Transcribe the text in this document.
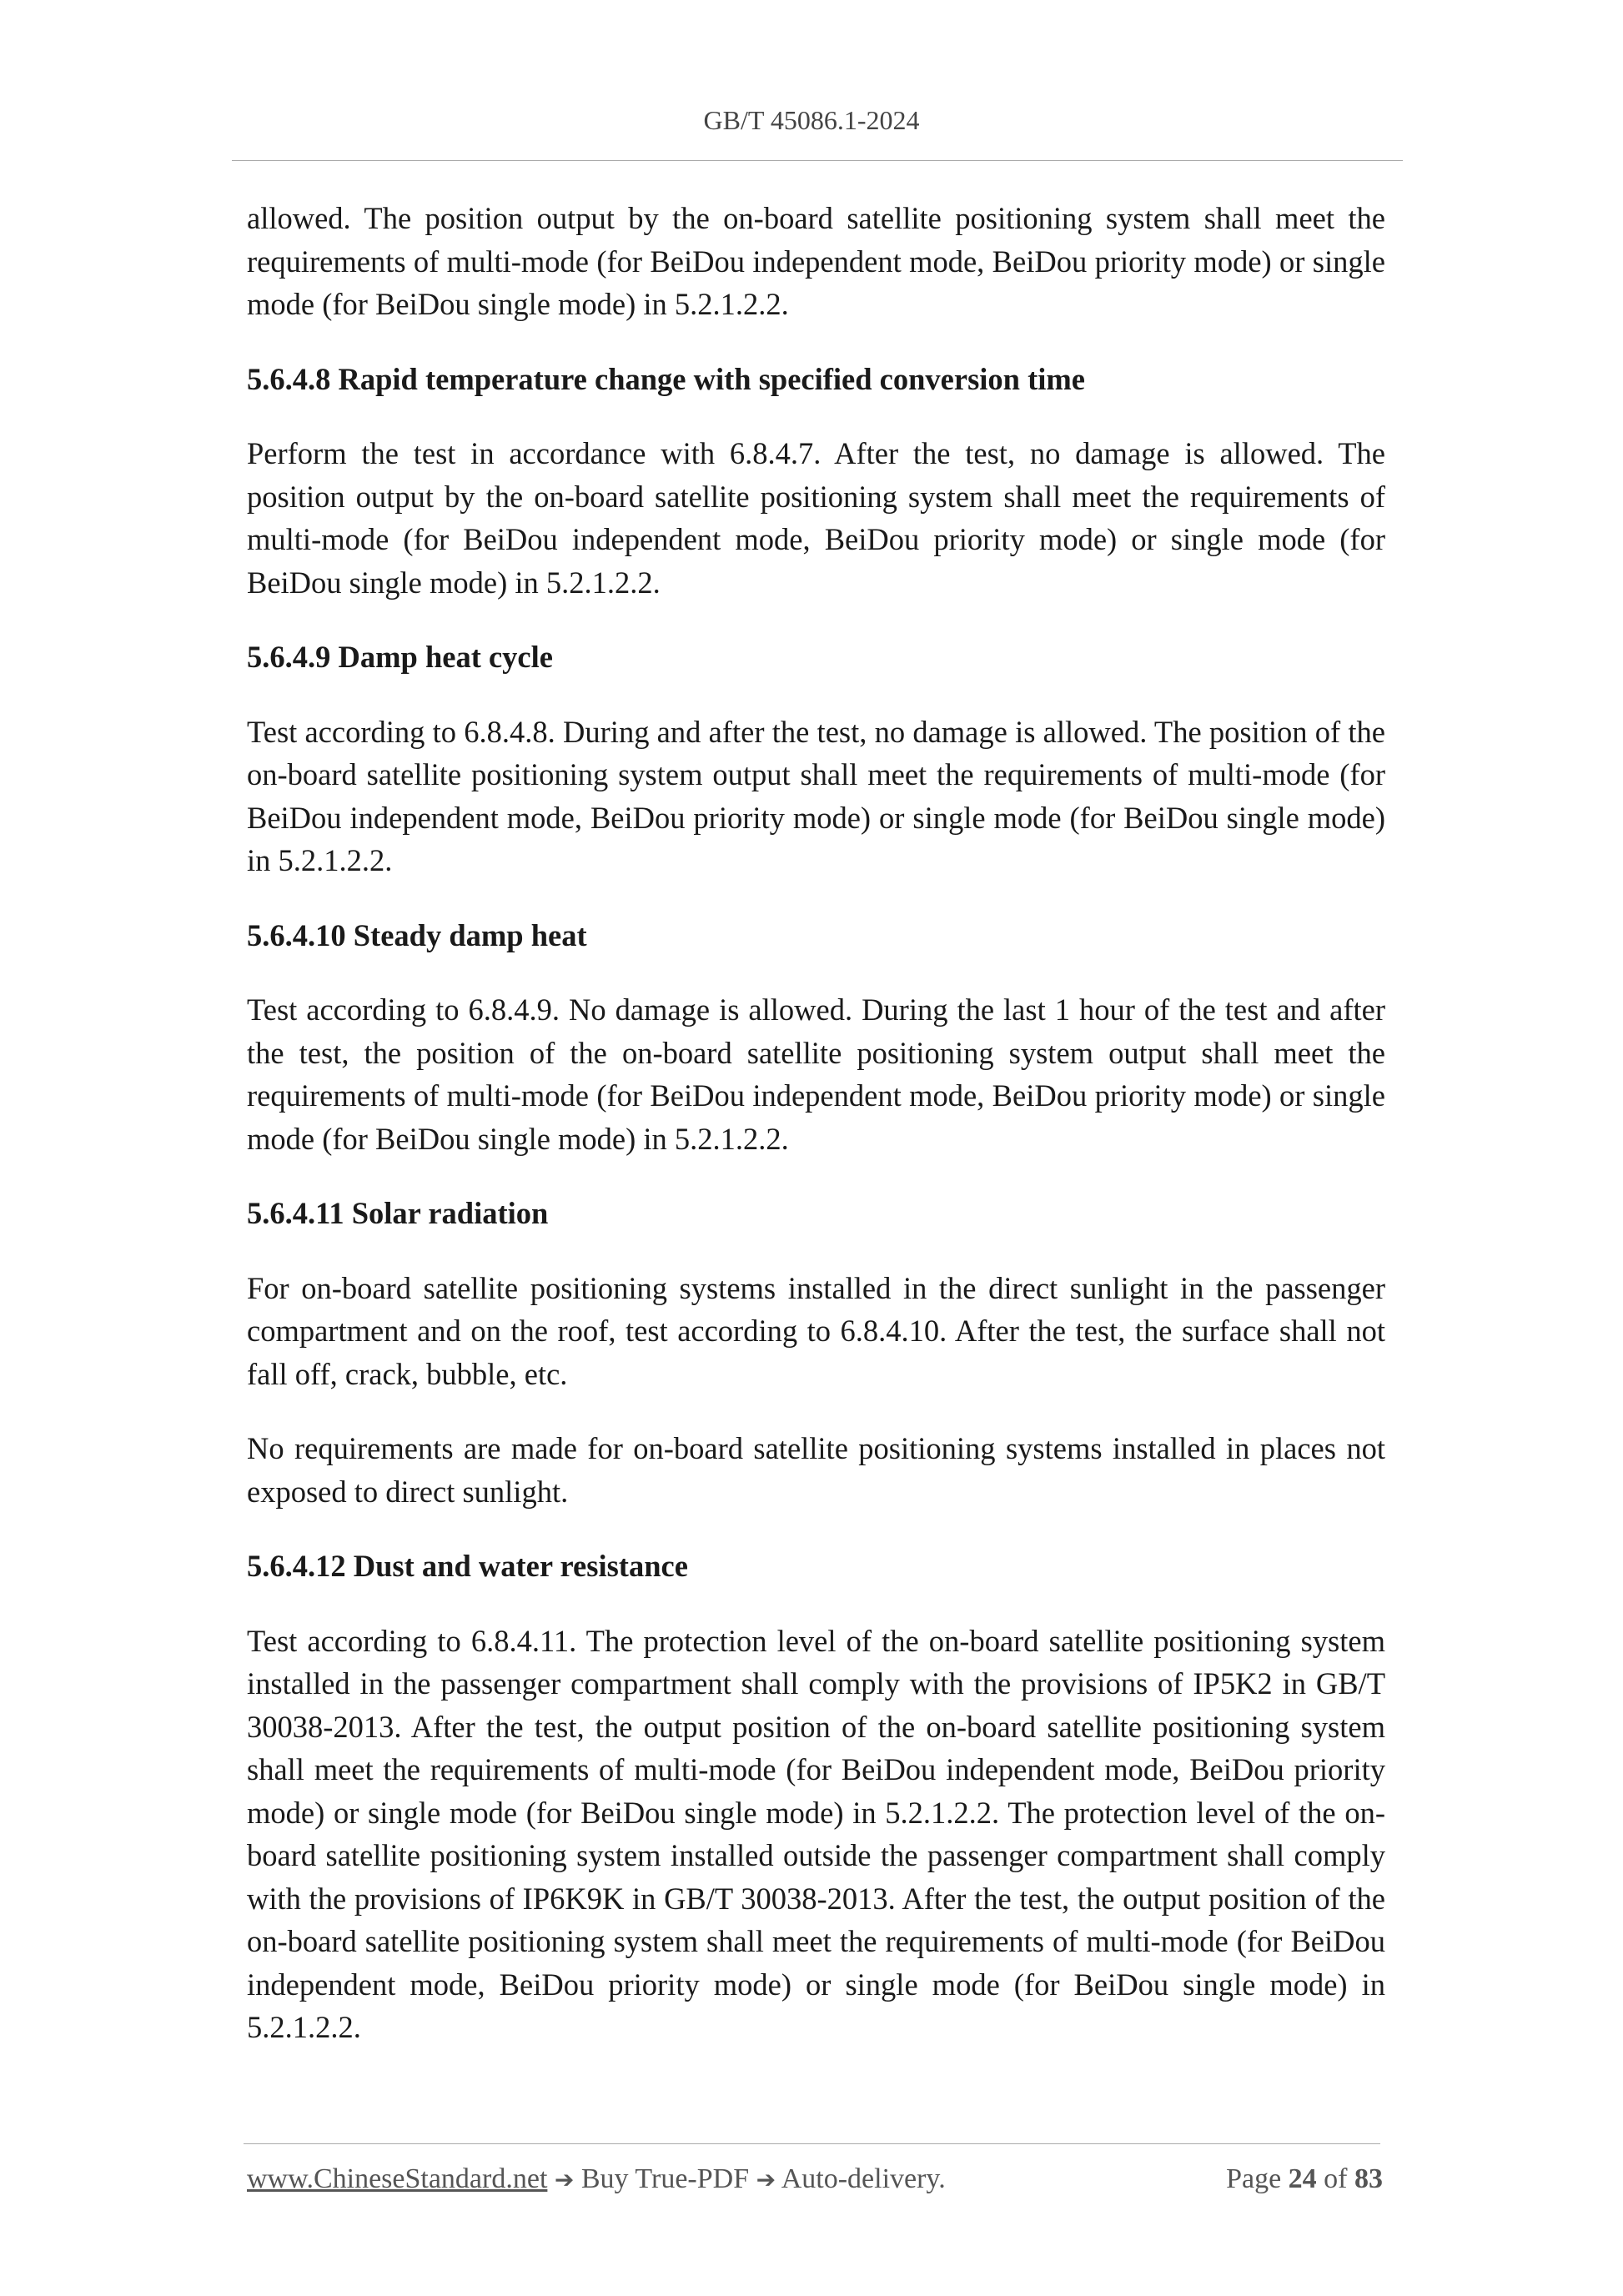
GB/T 45086.1-2024

allowed. The position output by the on-board satellite positioning system shall meet the requirements of multi-mode (for BeiDou independent mode, BeiDou priority mode) or single mode (for BeiDou single mode) in 5.2.1.2.2.

5.6.4.8 Rapid temperature change with specified conversion time

Perform the test in accordance with 6.8.4.7. After the test, no damage is allowed. The position output by the on-board satellite positioning system shall meet the requirements of multi-mode (for BeiDou independent mode, BeiDou priority mode) or single mode (for BeiDou single mode) in 5.2.1.2.2.

5.6.4.9 Damp heat cycle

Test according to 6.8.4.8. During and after the test, no damage is allowed. The position of the on-board satellite positioning system output shall meet the requirements of multi-mode (for BeiDou independent mode, BeiDou priority mode) or single mode (for BeiDou single mode) in 5.2.1.2.2.

5.6.4.10 Steady damp heat

Test according to 6.8.4.9. No damage is allowed. During the last 1 hour of the test and after the test, the position of the on-board satellite positioning system output shall meet the requirements of multi-mode (for BeiDou independent mode, BeiDou priority mode) or single mode (for BeiDou single mode) in 5.2.1.2.2.

5.6.4.11 Solar radiation

For on-board satellite positioning systems installed in the direct sunlight in the passenger compartment and on the roof, test according to 6.8.4.10. After the test, the surface shall not fall off, crack, bubble, etc.

No requirements are made for on-board satellite positioning systems installed in places not exposed to direct sunlight.

5.6.4.12 Dust and water resistance

Test according to 6.8.4.11. The protection level of the on-board satellite positioning system installed in the passenger compartment shall comply with the provisions of IP5K2 in GB/T 30038-2013. After the test, the output position of the on-board satellite positioning system shall meet the requirements of multi-mode (for BeiDou independent mode, BeiDou priority mode) or single mode (for BeiDou single mode) in 5.2.1.2.2. The protection level of the on-board satellite positioning system installed outside the passenger compartment shall comply with the provisions of IP6K9K in GB/T 30038-2013. After the test, the output position of the on-board satellite positioning system shall meet the requirements of multi-mode (for BeiDou independent mode, BeiDou priority mode) or single mode (for BeiDou single mode) in 5.2.1.2.2.

www.ChineseStandard.net ➔ Buy True-PDF ➔ Auto-delivery.	Page 24 of 83
